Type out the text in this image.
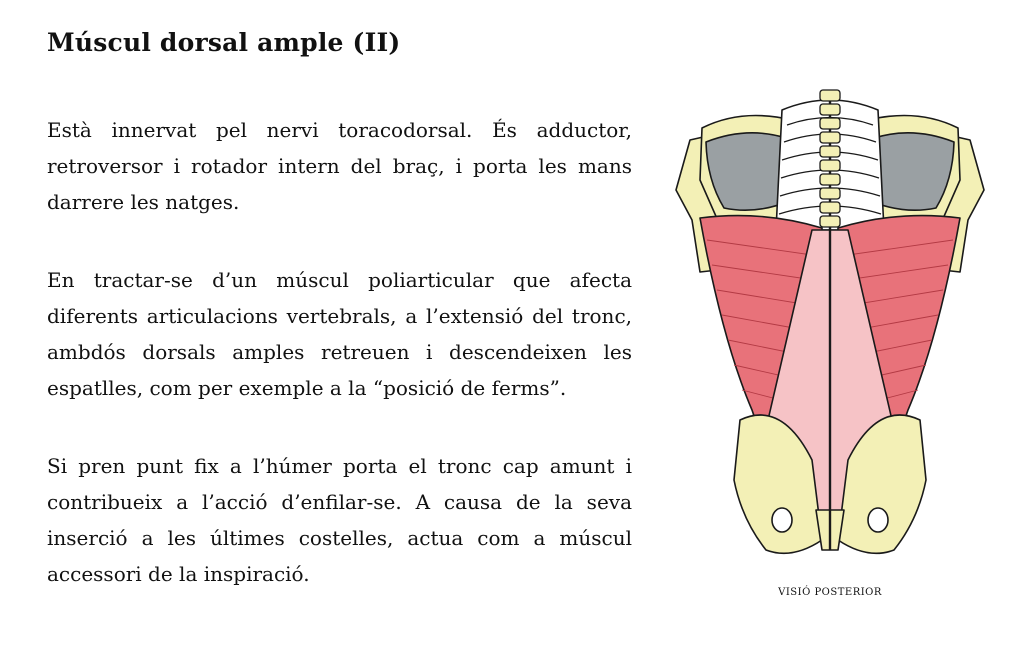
Múscul dorsal ample (II)

Està innervat pel nervi toracodorsal. És adductor, retroversor i rotador intern del braç, i porta les mans darrere les natges.

En tractar-se d’un múscul poliarticular que afecta diferents articulacions vertebrals, a l’extensió del tronc, ambdós dorsals amples retreuen i descendeixen les espatlles, com per exemple a la “posició de ferms”.

Si pren punt fix a l’húmer porta el tronc cap amunt i contribueix a l’acció d’enfilar-se. A causa de la seva inserció a les últimes costelles, actua com a múscul accessori de la inspiració.

VISIÓ POSTERIOR
